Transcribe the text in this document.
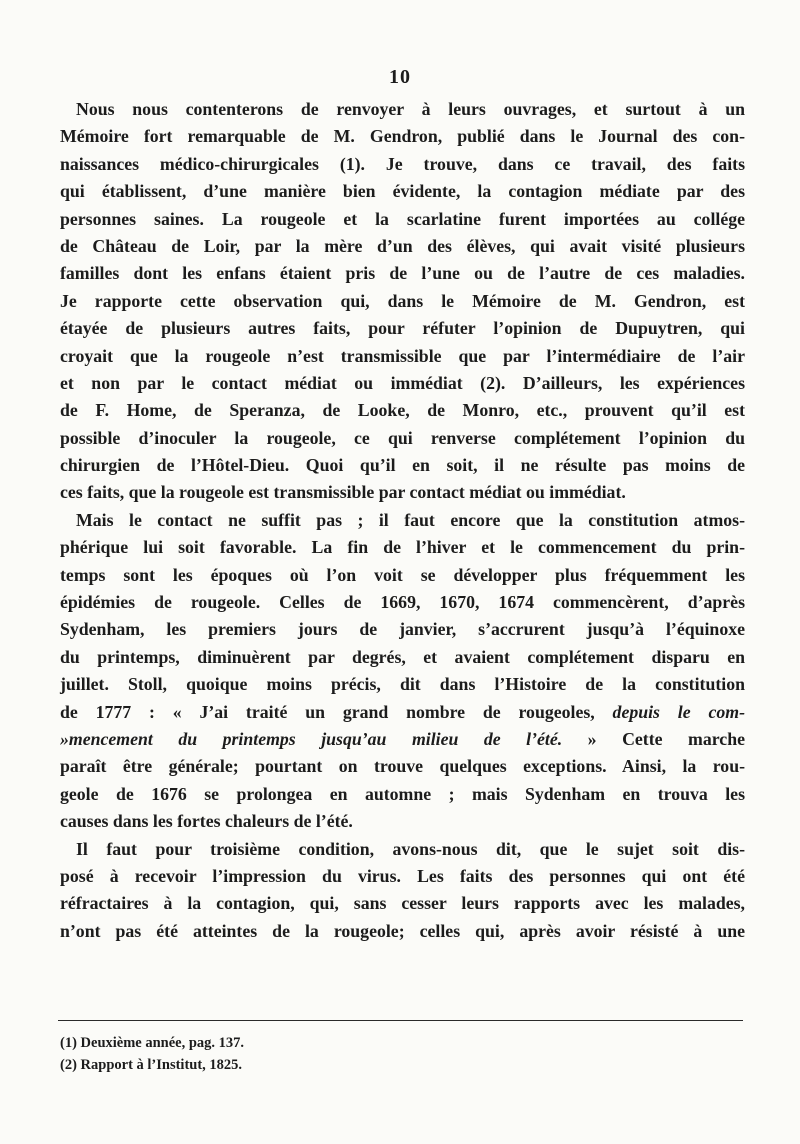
10
Nous nous contenterons de renvoyer à leurs ouvrages, et surtout à un
Mémoire fort remarquable de M. Gendron, publié dans le Journal des con-
naissances médico-chirurgicales (1). Je trouve, dans ce travail, des faits
qui établissent, d’une manière bien évidente, la contagion médiate par des
personnes saines. La rougeole et la scarlatine furent importées au collége
de Château de Loir, par la mère d’un des élèves, qui avait visité plusieurs
familles dont les enfans étaient pris de l’une ou de l’autre de ces maladies.
Je rapporte cette observation qui, dans le Mémoire de M. Gendron, est
étayée de plusieurs autres faits, pour réfuter l’opinion de Dupuytren, qui
croyait que la rougeole n’est transmissible que par l’intermédiaire de l’air
et non par le contact médiat ou immédiat (2). D’ailleurs, les expériences
de F. Home, de Speranza, de Looke, de Monro, etc., prouvent qu’il est
possible d’inoculer la rougeole, ce qui renverse complétement l’opinion du
chirurgien de l’Hôtel-Dieu. Quoi qu’il en soit, il ne résulte pas moins de
ces faits, que la rougeole est transmissible par contact médiat ou immédiat.
Mais le contact ne suffit pas ; il faut encore que la constitution atmos-
phérique lui soit favorable. La fin de l’hiver et le commencement du prin-
temps sont les époques où l’on voit se développer plus fréquemment les
épidémies de rougeole. Celles de 1669, 1670, 1674 commencèrent, d’après
Sydenham, les premiers jours de janvier, s’accrurent jusqu’à l’équinoxe
du printemps, diminuèrent par degrés, et avaient complétement disparu en
juillet. Stoll, quoique moins précis, dit dans l’Histoire de la constitution
de 1777 : « J’ai traité un grand nombre de rougeoles, depuis le com-
»mencement du printemps jusqu’au milieu de l’été. » Cette marche
paraît être générale; pourtant on trouve quelques exceptions. Ainsi, la rou-
geole de 1676 se prolongea en automne ; mais Sydenham en trouva les
causes dans les fortes chaleurs de l’été.
Il faut pour troisième condition, avons-nous dit, que le sujet soit dis-
posé à recevoir l’impression du virus. Les faits des personnes qui ont été
réfractaires à la contagion, qui, sans cesser leurs rapports avec les malades,
n’ont pas été atteintes de la rougeole; celles qui, après avoir résisté à une
(1) Deuxième année, pag. 137.
(2) Rapport à l’Institut, 1825.
